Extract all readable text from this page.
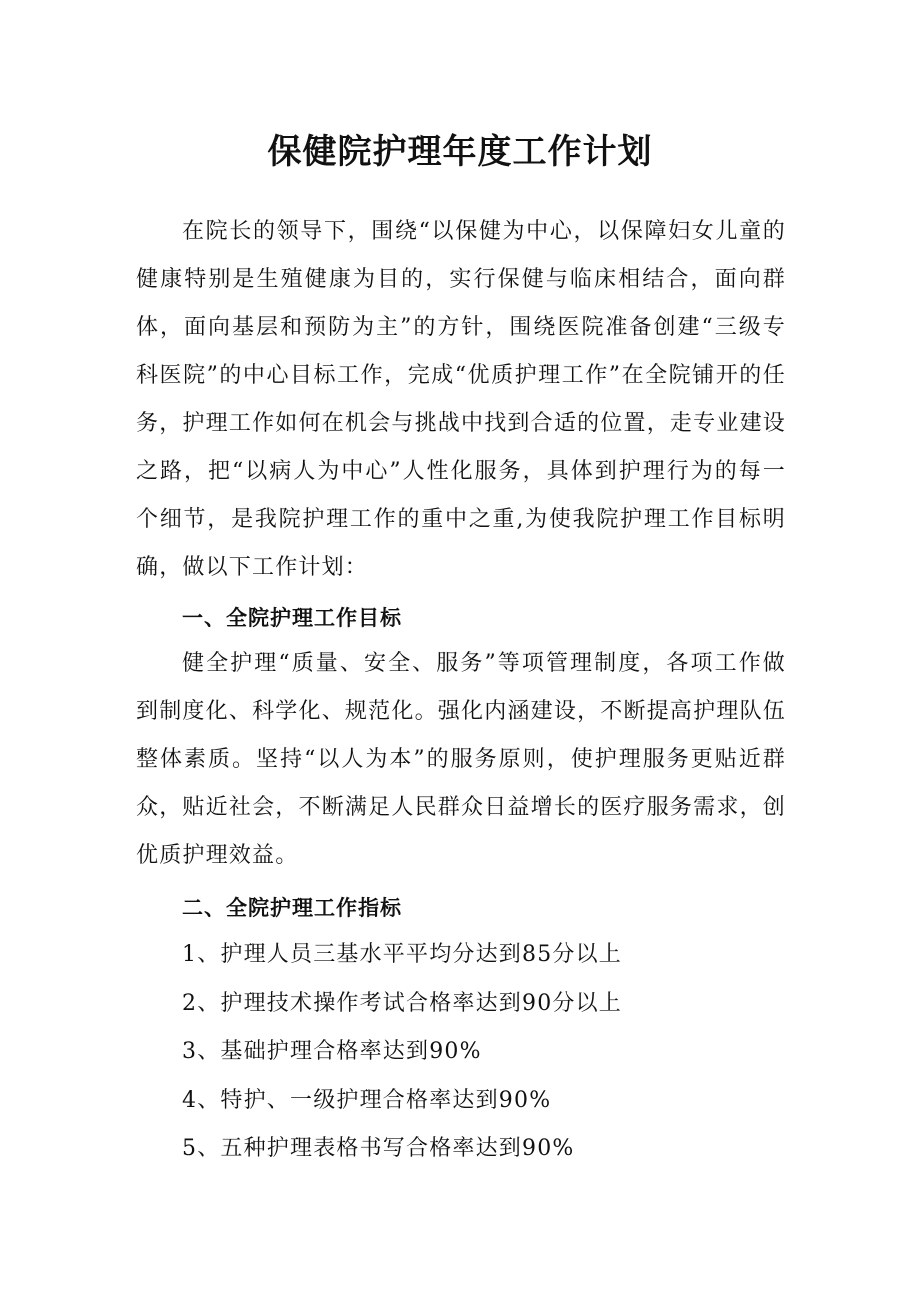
保健院护理年度工作计划

在院长的领导下，围绕“以保健为中心，以保障妇女儿童的健康特别是生殖健康为目的，实行保健与临床相结合，面向群体，面向基层和预防为主”的方针，围绕医院准备创建“三级专科医院”的中心目标工作，完成“优质护理工作”在全院铺开的任务，护理工作如何在机会与挑战中找到合适的位置，走专业建设之路，把“以病人为中心”人性化服务，具体到护理行为的每一个细节，是我院护理工作的重中之重,为使我院护理工作目标明确，做以下工作计划：

一、全院护理工作目标

健全护理“质量、安全、服务”等项管理制度，各项工作做到制度化、科学化、规范化。强化内涵建设，不断提高护理队伍整体素质。坚持“以人为本”的服务原则，使护理服务更贴近群众，贴近社会，不断满足人民群众日益增长的医疗服务需求，创优质护理效益。

二、全院护理工作指标
1、护理人员三基水平平均分达到85分以上
2、护理技术操作考试合格率达到90分以上
3、基础护理合格率达到90%
4、特护、一级护理合格率达到90%
5、五种护理表格书写合格率达到90%
